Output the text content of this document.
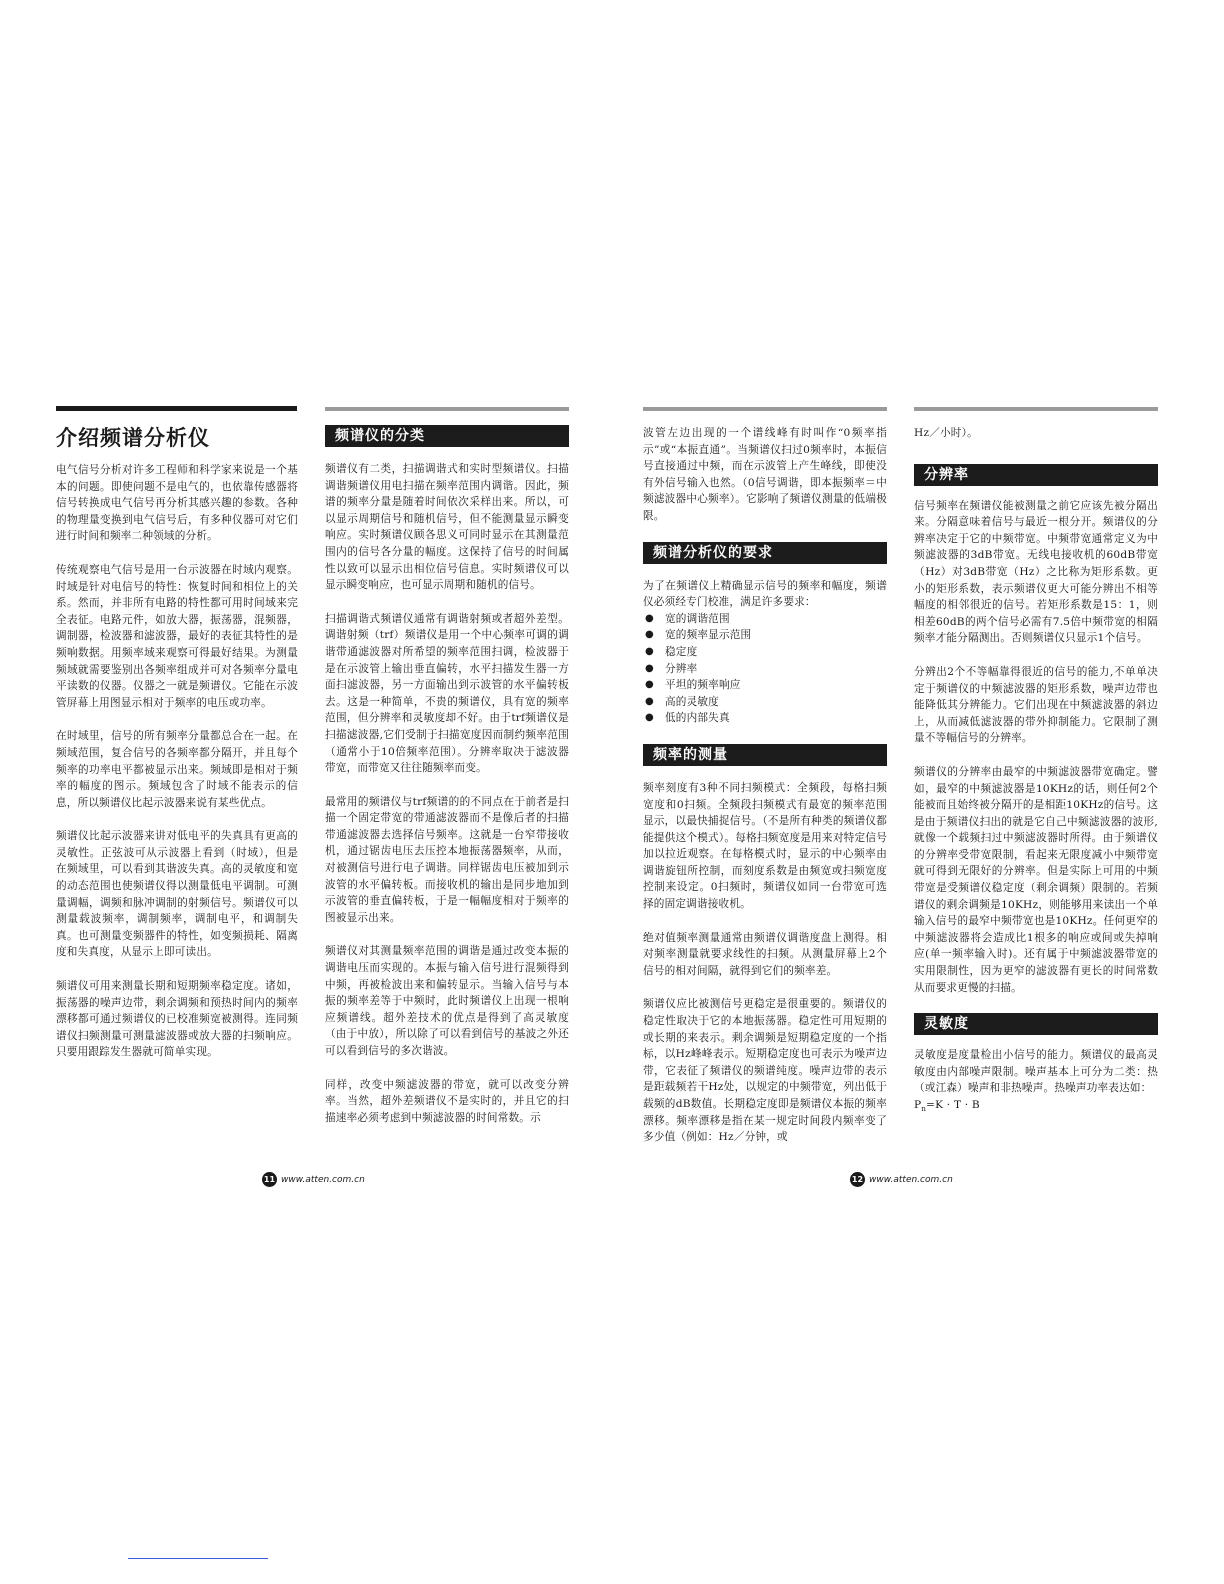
介绍频谱分析仪

电气信号分析对许多工程师和科学家来说是一个基本的问题。即使问题不是电气的，也依靠传感器将信号转换成电气信号再分析其感兴趣的参数。各种的物理量变换到电气信号后，有多种仪器可对它们进行时间和频率二种领域的分析。

传统观察电气信号是用一台示波器在时域内观察。时域是针对电信号的特性：恢复时间和相位上的关系。然而，并非所有电路的特性都可用时间域来完全表征。电路元件，如放大器，振荡器，混频器，调制器，检波器和滤波器，最好的表征其特性的是频响数据。用频率域来观察可得最好结果。为测量频域就需要鉴别出各频率组成并可对各频率分量电平读数的仪器。仪器之一就是频谱仪。它能在示波管屏幕上用图显示相对于频率的电压或功率。

在时域里，信号的所有频率分量都总合在一起。在频域范围，复合信号的各频率都分隔开，并且每个频率的功率电平都被显示出来。频域即是相对于频率的幅度的图示。频域包含了时域不能表示的信息，所以频谱仪比起示波器来说有某些优点。

频谱仪比起示波器来讲对低电平的失真具有更高的灵敏性。正弦波可从示波器上看到（时域），但是在频域里，可以看到其谐波失真。高的灵敏度和宽的动态范围也使频谱仪得以测量低电平调制。可测量调幅，调频和脉冲调制的射频信号。频谱仪可以测量载波频率，调制频率，调制电平，和调制失真。也可测量变频器件的特性，如变频损耗、隔离度和失真度，从显示上即可读出。

频谱仪可用来测量长期和短期频率稳定度。诸如，振荡器的噪声边带，剩余调频和预热时间内的频率漂移都可通过频谱仪的已校准频宽被测得。连同频谱仪扫频测量可测量滤波器或放大器的扫频响应。只要用跟踪发生器就可简单实现。

频谱仪的分类

频谱仪有二类，扫描调谐式和实时型频谱仪。扫描调谐频谱仪用电扫描在频率范围内调谐。因此，频谱的频率分量是随着时间依次采样出来。所以，可以显示周期信号和随机信号，但不能测量显示瞬变响应。实时频谱仪顾各思义可同时显示在其测量范围内的信号各分量的幅度。这保持了信号的时间属性以致可以显示出相位信号信息。实时频谱仪可以显示瞬变响应，也可显示周期和随机的信号。

扫描调谐式频谱仪通常有调谐射频或者超外差型。调谐射频（trf）频谱仪是用一个中心频率可调的调谐带通滤波器对所希望的频率范围扫调，检波器于是在示波管上输出垂直偏转，水平扫描发生器一方面扫滤波器，另一方面输出到示波管的水平偏转板去。这是一种简单，不贵的频谱仪，具有宽的频率范围，但分辨率和灵敏度却不好。由于trf频谱仪是扫描滤波器,它们受制于扫描宽度因而制约频率范围（通常小于10倍频率范围）。分辨率取决于滤波器带宽，而带宽又往往随频率而变。

最常用的频谱仪与trf频谱的的不同点在于前者是扫描一个固定带宽的带通滤波器而不是像后者的扫描带通滤波器去选择信号频率。这就是一台窄带接收机，通过锯齿电压去压控本地振荡器频率，从而，对被测信号进行电子调谐。同样锯齿电压被加到示波管的水平偏转板。而接收机的输出是同步地加到示波管的垂直偏转板，于是一幅幅度相对于频率的图被显示出来。

频谱仪对其测量频率范围的调谐是通过改变本振的调谐电压而实现的。本振与输入信号进行混频得到中频，再被检波出来和偏转显示。当输入信号与本振的频率差等于中频时，此时频谱仪上出现一根响应频谱线。超外差技术的优点是得到了高灵敏度（由于中放），所以除了可以看到信号的基波之外还可以看到信号的多次谐波。

同样，改变中频滤波器的带宽，就可以改变分辨率。当然，超外差频谱仪不是实时的，并且它的扫描速率必须考虑到中频滤波器的时间常数。示

11 www.atten.com.cn

波管左边出现的一个谱线峰有时叫作“0频率指示”或“本振直通”。当频谱仪扫过0频率时，本振信号直接通过中频，而在示波管上产生峰线，即使没有外信号输入也然。（0信号调谐，即本振频率＝中频滤波器中心频率）。它影响了频谱仪测量的低端极限。

频谱分析仪的要求

为了在频谱仪上精确显示信号的频率和幅度，频谱仪必须经专门校准，满足许多要求：

● 宽的调谐范围
● 宽的频率显示范围
● 稳定度
● 分辨率
● 平坦的频率响应
● 高的灵敏度
● 低的内部失真
频率的测量

频率刻度有3种不同扫频模式：全频段，每格扫频宽度和0扫频。全频段扫频模式有最宽的频率范围显示，以最快捕捉信号。（不是所有种类的频谱仪都能提供这个模式）。每格扫频宽度是用来对特定信号加以拉近观察。在每格模式时，显示的中心频率由调谐旋钮所控制，而刻度系数是由频宽或扫频宽度控制来设定。0扫频时，频谱仪如同一台带宽可选择的固定调谐接收机。

绝对值频率测量通常由频谱仪调谐度盘上测得。相对频率测量就要求线性的扫频。从测量屏幕上2个信号的相对间隔，就得到它们的频率差。

频谱仪应比被测信号更稳定是很重要的。频谱仪的稳定性取决于它的本地振荡器。稳定性可用短期的或长期的来表示。剩余调频是短期稳定度的一个指标，以Hz峰峰表示。短期稳定度也可表示为噪声边带，它表征了频谱仪的频谱纯度。噪声边带的表示是距载频若干Hz处，以规定的中频带宽，列出低于载频的dB数值。长期稳定度即是频谱仪本振的频率漂移。频率漂移是指在某一规定时间段内频率变了多少值（例如：Hz／分钟，或

Hz／小时）。

分辨率

信号频率在频谱仪能被测量之前它应该先被分隔出来。分隔意味着信号与最近一根分开。频谱仪的分辨率决定于它的中频带宽。中频带宽通常定义为中频滤波器的3dB带宽。无线电接收机的60dB带宽（Hz）对3dB带宽（Hz）之比称为矩形系数。更小的矩形系数，表示频谱仪更大可能分辨出不相等幅度的相邻很近的信号。若矩形系数是15：1，则相差60dB的两个信号必需有7.5倍中频带宽的相隔频率才能分隔测出。否则频谱仪只显示1个信号。

分辨出2个不等幅靠得很近的信号的能力,不单单决定于频谱仪的中频滤波器的矩形系数，噪声边带也能降低其分辨能力。它们出现在中频滤波器的斜边上，从而减低滤波器的带外抑制能力。它限制了测量不等幅信号的分辨率。

频谱仪的分辨率由最窄的中频滤波器带宽确定。譬如，最窄的中频滤波器是10KHz的话，则任何2个能被而且始终被分隔开的是相距10KHz的信号。这是由于频谱仪扫出的就是它自己中频滤波器的波形,就像一个载频扫过中频滤波器时所得。由于频谱仪的分辨率受带宽限制，看起来无限度减小中频带宽就可得到无限好的分辨率。但是实际上可用的中频带宽是受频谱仪稳定度（剩余调频）限制的。若频谱仪的剩余调频是10KHz，则能够用来读出一个单输入信号的最窄中频带宽也是10KHz。任何更窄的中频滤波器将会造成比1根多的响应或间或失掉响应(单一频率输入时)。还有属于中频滤波器带宽的实用限制性，因为更窄的滤波器有更长的时间常数从而要求更慢的扫描。

灵敏度

灵敏度是度量检出小信号的能力。频谱仪的最高灵敏度由内部噪声限制。噪声基本上可分为二类：热（或江森）噪声和非热噪声。热噪声功率表达如：

$P_n=K \cdot T \cdot B$
12 www.atten.com.cn
